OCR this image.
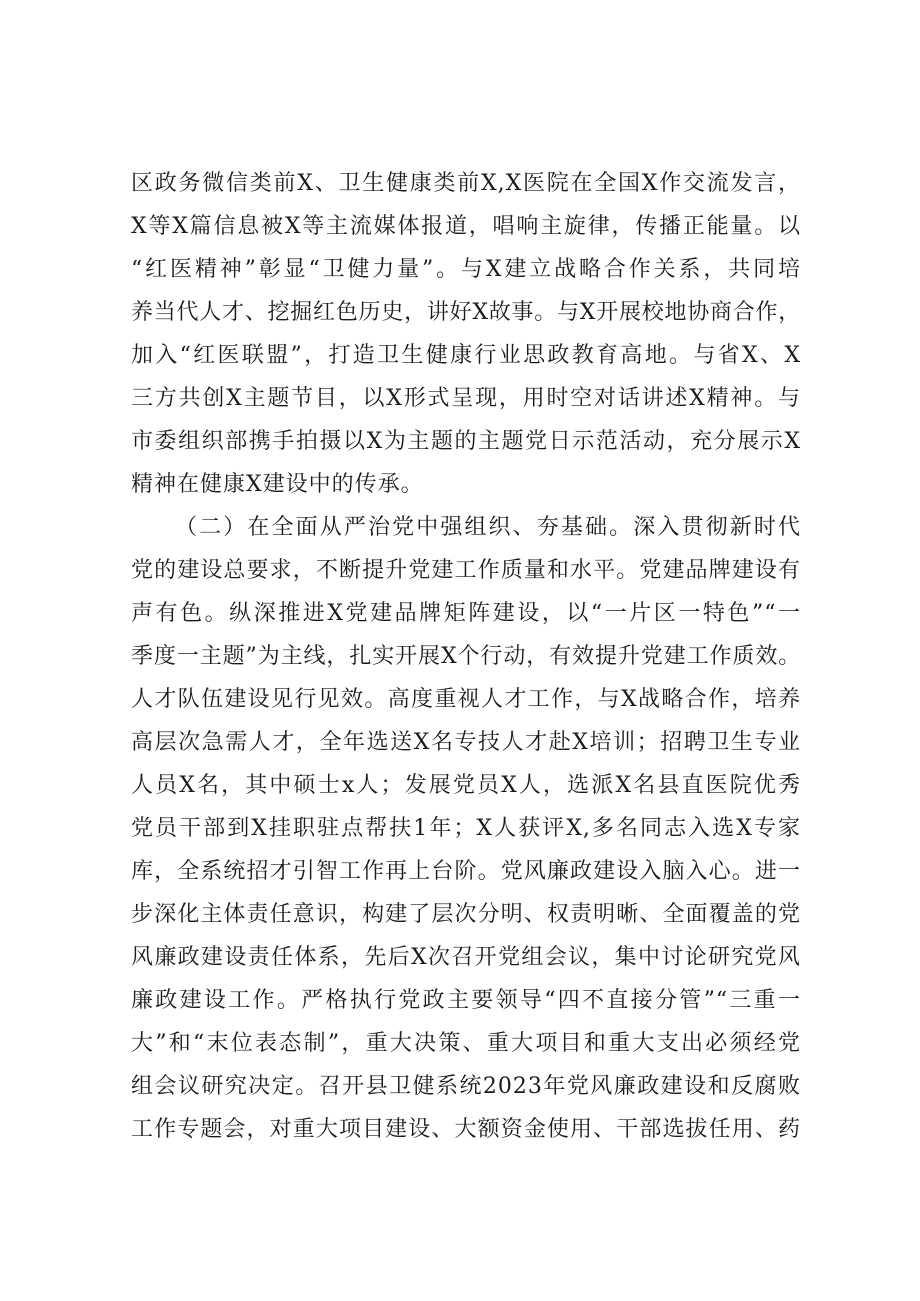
区政务微信类前X、卫生健康类前X,X医院在全国X作交流发言，
X等X篇信息被X等主流媒体报道，唱响主旋律，传播正能量。以
“红医精神”彰显“卫健力量”。与X建立战略合作关系，共同培
养当代人才、挖掘红色历史，讲好X故事。与X开展校地协商合作，
加入“红医联盟”，打造卫生健康行业思政教育高地。与省X、X
三方共创X主题节目，以X形式呈现，用时空对话讲述X精神。与
市委组织部携手拍摄以X为主题的主题党日示范活动，充分展示X
精神在健康X建设中的传承。
（二）在全面从严治党中强组织、夯基础。深入贯彻新时代
党的建设总要求，不断提升党建工作质量和水平。党建品牌建设有
声有色。纵深推进X党建品牌矩阵建设，以“一片区一特色”“一
季度一主题”为主线，扎实开展X个行动，有效提升党建工作质效。
人才队伍建设见行见效。高度重视人才工作，与X战略合作，培养
高层次急需人才，全年选送X名专技人才赴X培训；招聘卫生专业
人员X名，其中硕士x人；发展党员X人，选派X名县直医院优秀
党员干部到X挂职驻点帮扶1年；X人获评X,多名同志入选X专家
库，全系统招才引智工作再上台阶。党风廉政建设入脑入心。进一
步深化主体责任意识，构建了层次分明、权责明晰、全面覆盖的党
风廉政建设责任体系，先后X次召开党组会议，集中讨论研究党风
廉政建设工作。严格执行党政主要领导“四不直接分管”“三重一
大”和“末位表态制”，重大决策、重大项目和重大支出必须经党
组会议研究决定。召开县卫健系统2023年党风廉政建设和反腐败
工作专题会，对重大项目建设、大额资金使用、干部选拔任用、药
